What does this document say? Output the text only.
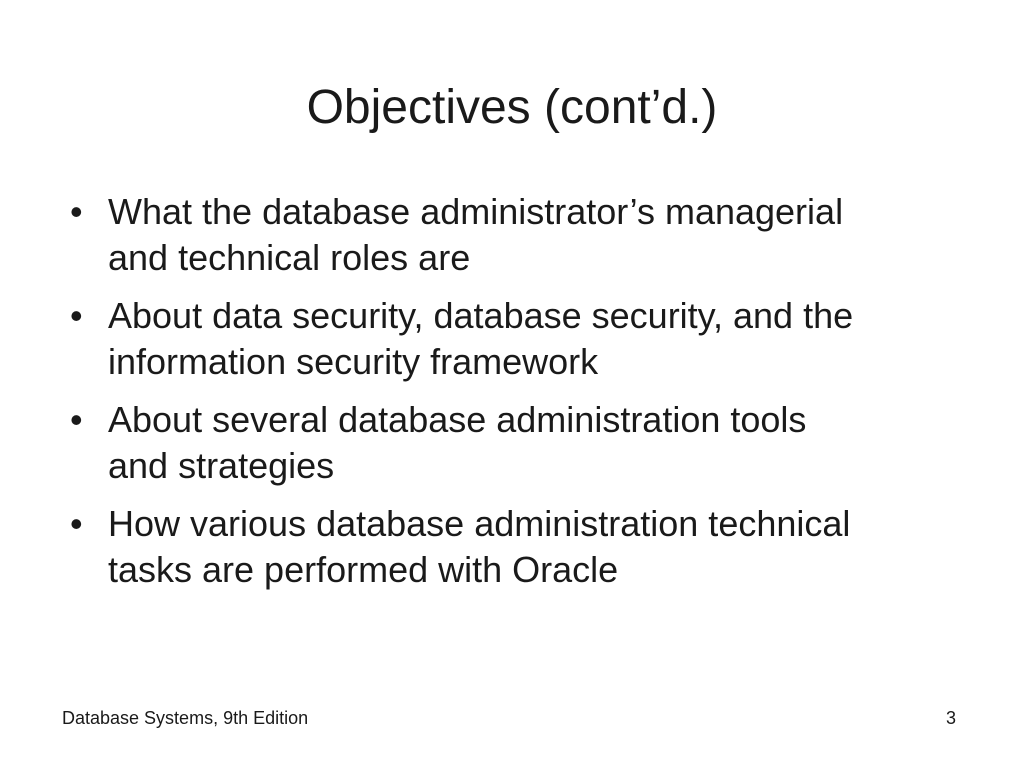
Objectives (cont’d.)
• What the database administrator’s managerial
and technical roles are
• About data security, database security, and the
information security framework
• About several database administration tools
and strategies
• How various database administration technical
tasks are performed with Oracle
Database Systems, 9th Edition	3
